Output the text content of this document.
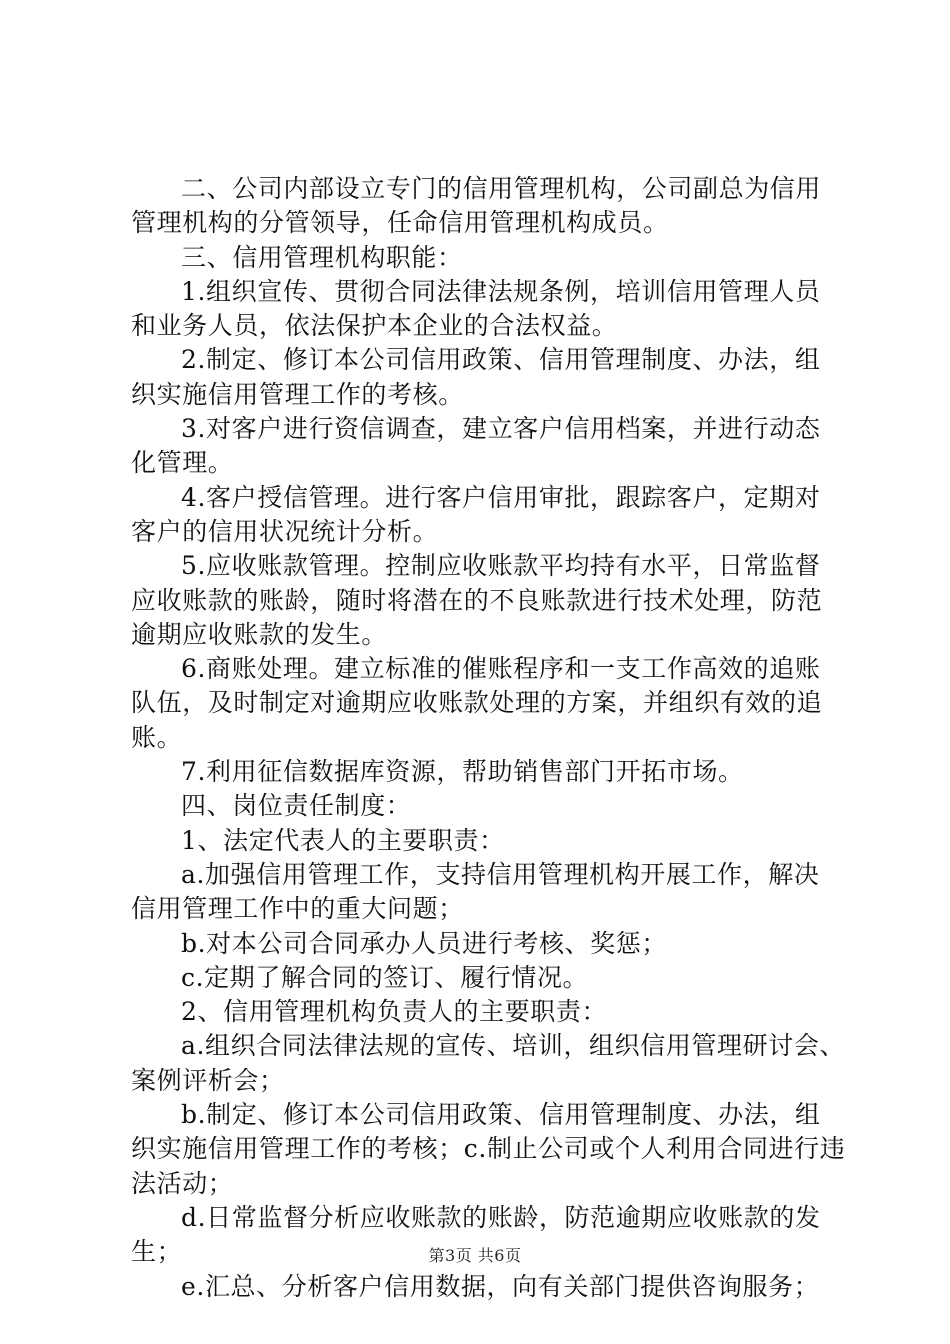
二、公司内部设立专门的信用管理机构，公司副总为信用
管理机构的分管领导，任命信用管理机构成员。

三、信用管理机构职能：

1.组织宣传、贯彻合同法律法规条例，培训信用管理人员
和业务人员，依法保护本企业的合法权益。

2.制定、修订本公司信用政策、信用管理制度、办法，组
织实施信用管理工作的考核。

3.对客户进行资信调查，建立客户信用档案，并进行动态
化管理。

4.客户授信管理。进行客户信用审批，跟踪客户，定期对
客户的信用状况统计分析。

5.应收账款管理。控制应收账款平均持有水平，日常监督
应收账款的账龄，随时将潜在的不良账款进行技术处理，防范
逾期应收账款的发生。

6.商账处理。建立标准的催账程序和一支工作高效的追账
队伍，及时制定对逾期应收账款处理的方案，并组织有效的追
账。

7.利用征信数据库资源，帮助销售部门开拓市场。

四、岗位责任制度：

1、法定代表人的主要职责：

a.加强信用管理工作，支持信用管理机构开展工作，解决
信用管理工作中的重大问题；

b.对本公司合同承办人员进行考核、奖惩；

c.定期了解合同的签订、履行情况。

2、信用管理机构负责人的主要职责：

a.组织合同法律法规的宣传、培训，组织信用管理研讨会、
案例评析会；

b.制定、修订本公司信用政策、信用管理制度、办法，组
织实施信用管理工作的考核；c.制止公司或个人利用合同进行违
法活动；

d.日常监督分析应收账款的账龄，防范逾期应收账款的发
生；

e.汇总、分析客户信用数据，向有关部门提供咨询服务；

第3页 共6页
